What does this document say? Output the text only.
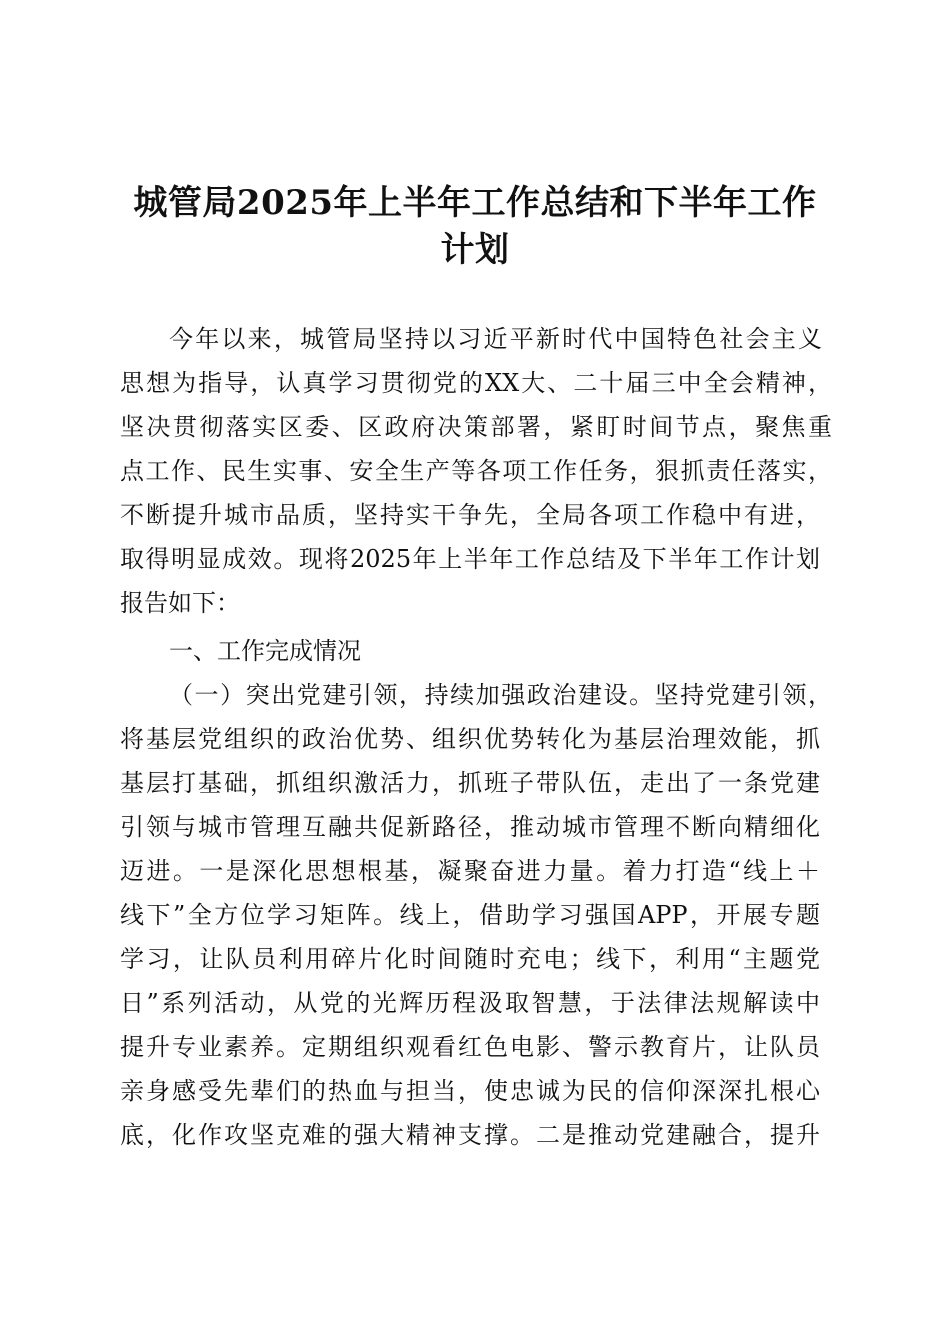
城管局2025年上半年工作总结和下半年工作
计划
今年以来，城管局坚持以习近平新时代中国特色社会主义
思想为指导，认真学习贯彻党的XX大、二十届三中全会精神，
坚决贯彻落实区委、区政府决策部署，紧盯时间节点，聚焦重
点工作、民生实事、安全生产等各项工作任务，狠抓责任落实，
不断提升城市品质，坚持实干争先，全局各项工作稳中有进，
取得明显成效。现将2025年上半年工作总结及下半年工作计划
报告如下：
一、工作完成情况
（一）突出党建引领，持续加强政治建设。坚持党建引领，
将基层党组织的政治优势、组织优势转化为基层治理效能，抓
基层打基础，抓组织激活力，抓班子带队伍，走出了一条党建
引领与城市管理互融共促新路径，推动城市管理不断向精细化
迈进。一是深化思想根基，凝聚奋进力量。着力打造“线上＋
线下”全方位学习矩阵。线上，借助学习强国APP，开展专题
学习，让队员利用碎片化时间随时充电；线下，利用“主题党
日”系列活动，从党的光辉历程汲取智慧，于法律法规解读中
提升专业素养。定期组织观看红色电影、警示教育片，让队员
亲身感受先辈们的热血与担当，使忠诚为民的信仰深深扎根心
底，化作攻坚克难的强大精神支撑。二是推动党建融合，提升
